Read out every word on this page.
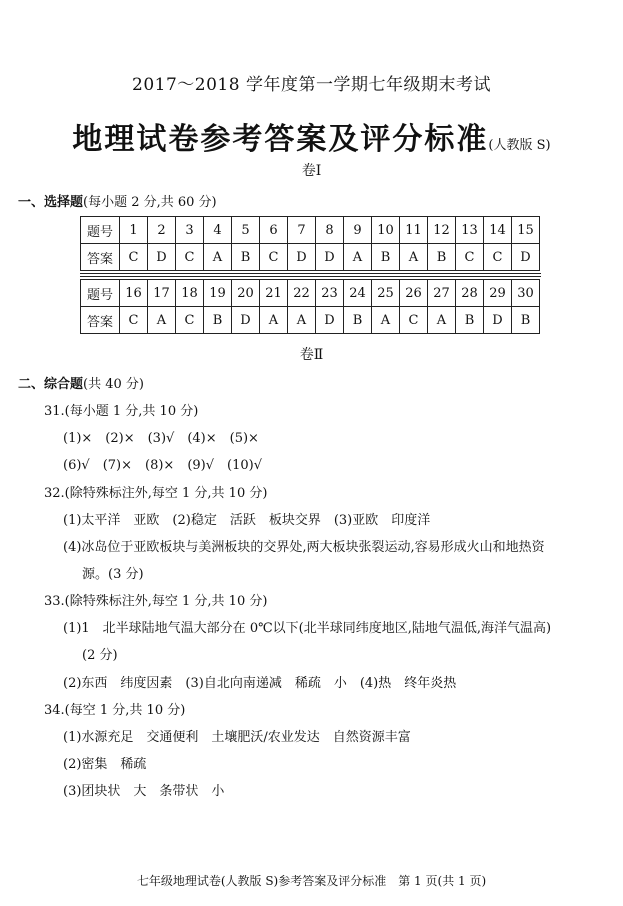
2017～2018 学年度第一学期七年级期末考试
地理试卷参考答案及评分标准(人教版 S)
卷Ⅰ
一、选择题(每小题 2 分,共 60 分)
题号	1	2	3	4	5	6	7	8	9	10	11	12	13	14	15
答案	C	D	C	A	B	C	D	D	A	B	A	B	C	C	D
题号	16	17	18	19	20	21	22	23	24	25	26	27	28	29	30
答案	C	A	C	B	D	A	A	D	B	A	C	A	B	D	B
卷Ⅱ
二、综合题(共 40 分)
31.(每小题 1 分,共 10 分)
(1)×　(2)×　(3)√　(4)×　(5)×
(6)√　(7)×　(8)×　(9)√　(10)√
32.(除特殊标注外,每空 1 分,共 10 分)
(1)太平洋　亚欧　(2)稳定　活跃　板块交界　(3)亚欧　印度洋
(4)冰岛位于亚欧板块与美洲板块的交界处,两大板块张裂运动,容易形成火山和地热资
源。(3 分)
33.(除特殊标注外,每空 1 分,共 10 分)
(1)1　北半球陆地气温大部分在 0℃以下(北半球同纬度地区,陆地气温低,海洋气温高)
(2 分)
(2)东西　纬度因素　(3)自北向南递减　稀疏　小　(4)热　终年炎热
34.(每空 1 分,共 10 分)
(1)水源充足　交通便利　土壤肥沃/农业发达　自然资源丰富
(2)密集　稀疏
(3)团块状　大　条带状　小
七年级地理试卷(人教版 S)参考答案及评分标准　第 1 页(共 1 页)
